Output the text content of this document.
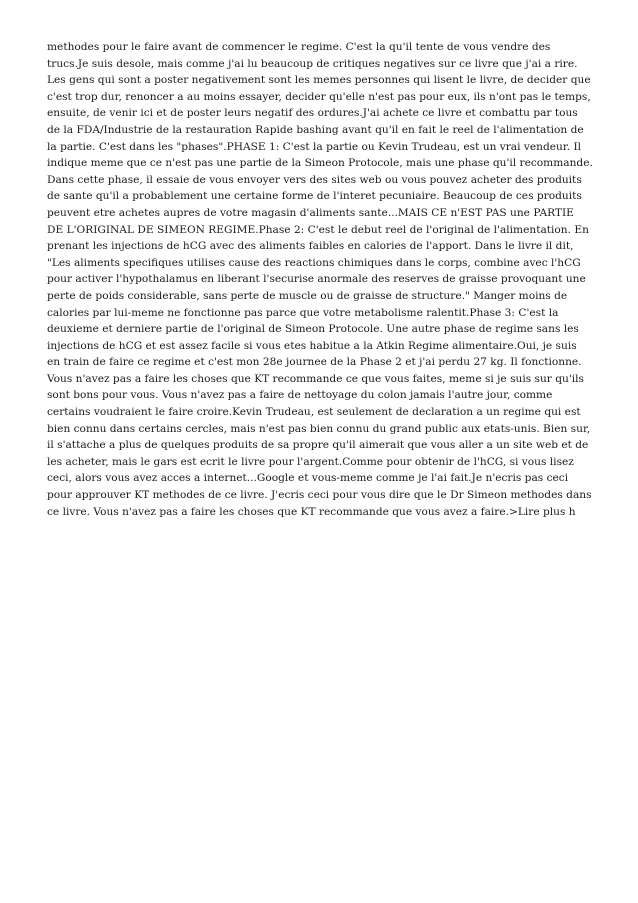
methodes pour le faire avant de commencer le regime. C'est la qu'il tente de vous vendre des
trucs.Je suis desole, mais comme j'ai lu beaucoup de critiques negatives sur ce livre que j'ai a rire.
Les gens qui sont a poster negativement sont les memes personnes qui lisent le livre, de decider que
c'est trop dur, renoncer a au moins essayer, decider qu'elle n'est pas pour eux, ils n'ont pas le temps,
ensuite, de venir ici et de poster leurs negatif des ordures.J'ai achete ce livre et combattu par tous
de la FDA/Industrie de la restauration Rapide bashing avant qu'il en fait le reel de l'alimentation de
la partie. C'est dans les "phases".PHASE 1: C'est la partie ou Kevin Trudeau, est un vrai vendeur. Il
indique meme que ce n'est pas une partie de la Simeon Protocole, mais une phase qu'il recommande.
Dans cette phase, il essaie de vous envoyer vers des sites web ou vous pouvez acheter des produits
de sante qu'il a probablement une certaine forme de l'interet pecuniaire. Beaucoup de ces produits
peuvent etre achetes aupres de votre magasin d'aliments sante...MAIS CE n'EST PAS une PARTIE
DE L'ORIGINAL DE SIMEON REGIME.Phase 2: C'est le debut reel de l'original de l'alimentation. En
prenant les injections de hCG avec des aliments faibles en calories de l'apport. Dans le livre il dit,
"Les aliments specifiques utilises cause des reactions chimiques dans le corps, combine avec l'hCG
pour activer l'hypothalamus en liberant l'securise anormale des reserves de graisse provoquant une
perte de poids considerable, sans perte de muscle ou de graisse de structure." Manger moins de
calories par lui-meme ne fonctionne pas parce que votre metabolisme ralentit.Phase 3: C'est la
deuxieme et derniere partie de l'original de Simeon Protocole. Une autre phase de regime sans les
injections de hCG et est assez facile si vous etes habitue a la Atkin Regime alimentaire.Oui, je suis
en train de faire ce regime et c'est mon 28e journee de la Phase 2 et j'ai perdu 27 kg. Il fonctionne.
Vous n'avez pas a faire les choses que KT recommande ce que vous faites, meme si je suis sur qu'ils
sont bons pour vous. Vous n'avez pas a faire de nettoyage du colon jamais l'autre jour, comme
certains voudraient le faire croire.Kevin Trudeau, est seulement de declaration a un regime qui est
bien connu dans certains cercles, mais n'est pas bien connu du grand public aux etats-unis. Bien sur,
il s'attache a plus de quelques produits de sa propre qu'il aimerait que vous aller a un site web et de
les acheter, mais le gars est ecrit le livre pour l'argent.Comme pour obtenir de l'hCG, si vous lisez
ceci, alors vous avez acces a internet...Google et vous-meme comme je l'ai fait.Je n'ecris pas ceci
pour approuver KT methodes de ce livre. J'ecris ceci pour vous dire que le Dr Simeon methodes dans
ce livre. Vous n'avez pas a faire les choses que KT recommande que vous avez a faire.>Lire plus h
